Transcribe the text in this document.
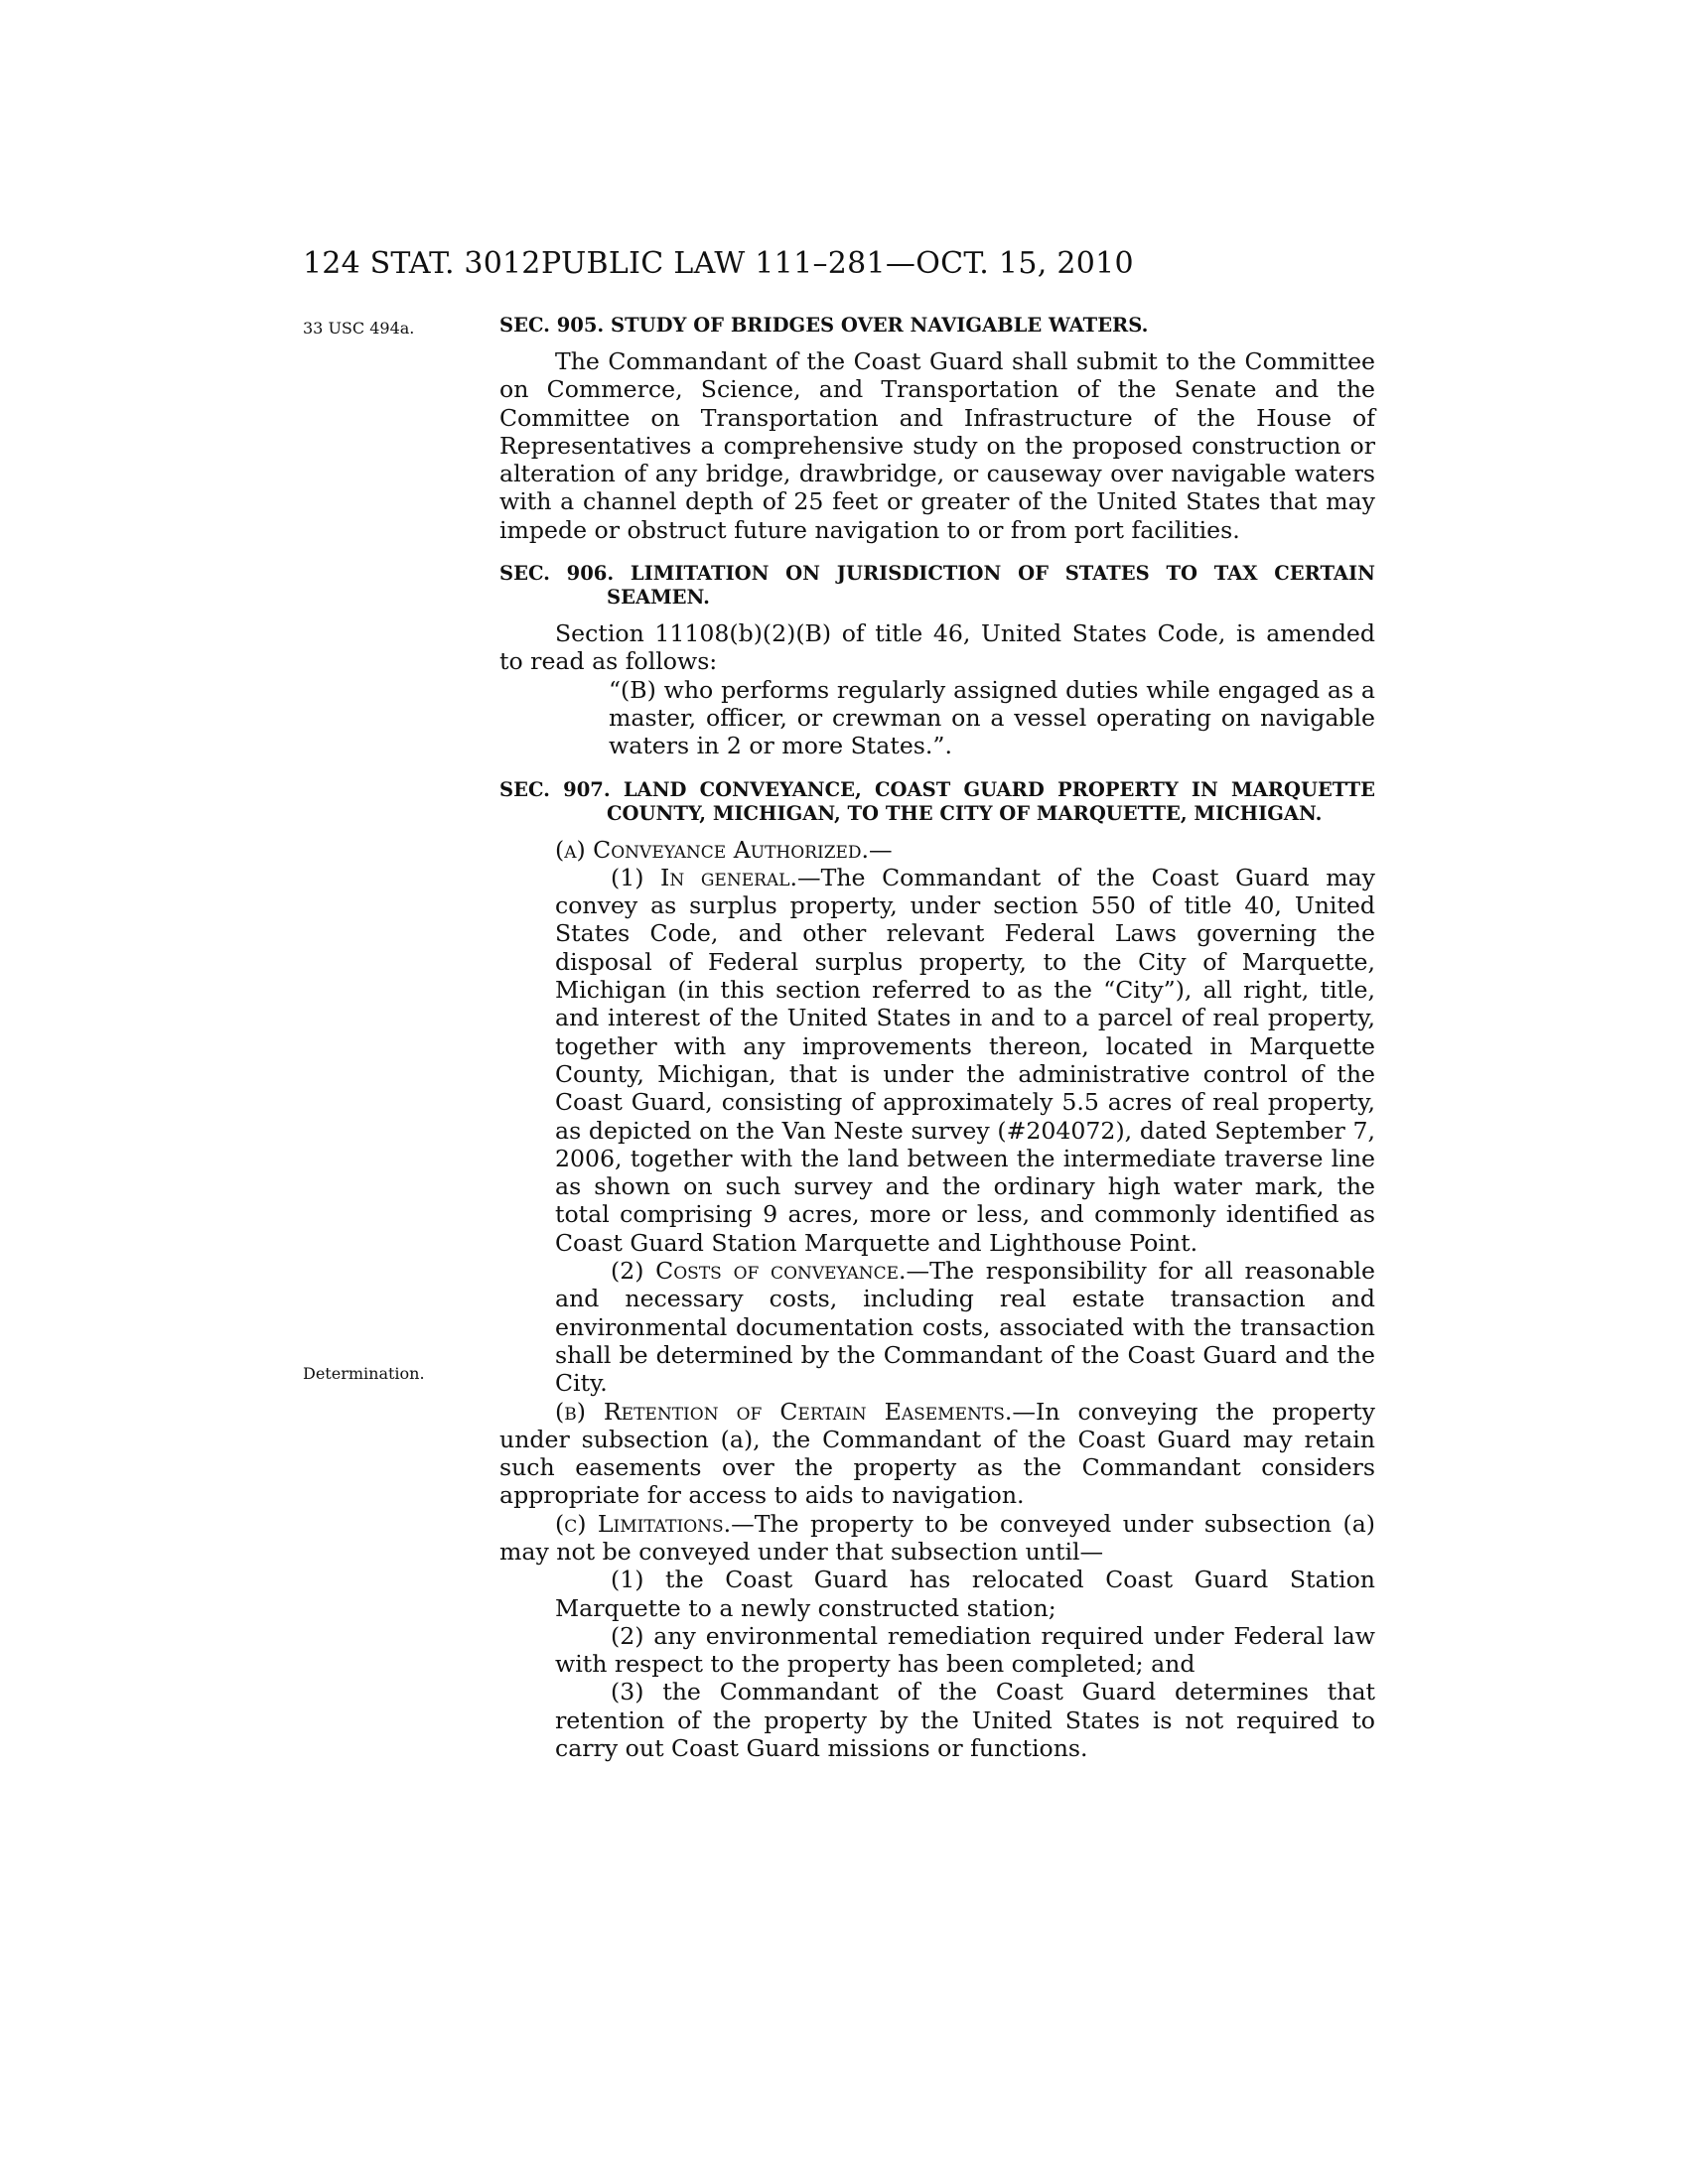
124 STAT. 3012 PUBLIC LAW 111–281—OCT. 15, 2010
33 USC 494a.
Determination.
SEC. 905. STUDY OF BRIDGES OVER NAVIGABLE WATERS.

The Commandant of the Coast Guard shall submit to the Committee on Commerce, Science, and Transportation of the Senate and the Committee on Transportation and Infrastructure of the House of Representatives a comprehensive study on the proposed construction or alteration of any bridge, drawbridge, or causeway over navigable waters with a channel depth of 25 feet or greater of the United States that may impede or obstruct future navigation to or from port facilities.

SEC. 906. LIMITATION ON JURISDICTION OF STATES TO TAX CERTAIN SEAMEN.

Section 11108(b)(2)(B) of title 46, United States Code, is amended to read as follows:

“(B) who performs regularly assigned duties while engaged as a master, officer, or crewman on a vessel operating on navigable waters in 2 or more States.”.

SEC. 907. LAND CONVEYANCE, COAST GUARD PROPERTY IN MARQUETTE COUNTY, MICHIGAN, TO THE CITY OF MARQUETTE, MICHIGAN.

(a) Conveyance Authorized.—

(1) In general.—The Commandant of the Coast Guard may convey as surplus property, under section 550 of title 40, United States Code, and other relevant Federal Laws governing the disposal of Federal surplus property, to the City of Marquette, Michigan (in this section referred to as the “City”), all right, title, and interest of the United States in and to a parcel of real property, together with any improvements thereon, located in Marquette County, Michigan, that is under the administrative control of the Coast Guard, consisting of approximately 5.5 acres of real property, as depicted on the Van Neste survey (#204072), dated September 7, 2006, together with the land between the intermediate traverse line as shown on such survey and the ordinary high water mark, the total comprising 9 acres, more or less, and commonly identified as Coast Guard Station Marquette and Lighthouse Point.

(2) Costs of conveyance.—The responsibility for all reasonable and necessary costs, including real estate transaction and environmental documentation costs, associated with the transaction shall be determined by the Commandant of the Coast Guard and the City.

(b) Retention of Certain Easements.—In conveying the property under subsection (a), the Commandant of the Coast Guard may retain such easements over the property as the Commandant considers appropriate for access to aids to navigation.

(c) Limitations.—The property to be conveyed under subsection (a) may not be conveyed under that subsection until—

(1) the Coast Guard has relocated Coast Guard Station Marquette to a newly constructed station;

(2) any environmental remediation required under Federal law with respect to the property has been completed; and

(3) the Commandant of the Coast Guard determines that retention of the property by the United States is not required to carry out Coast Guard missions or functions.
